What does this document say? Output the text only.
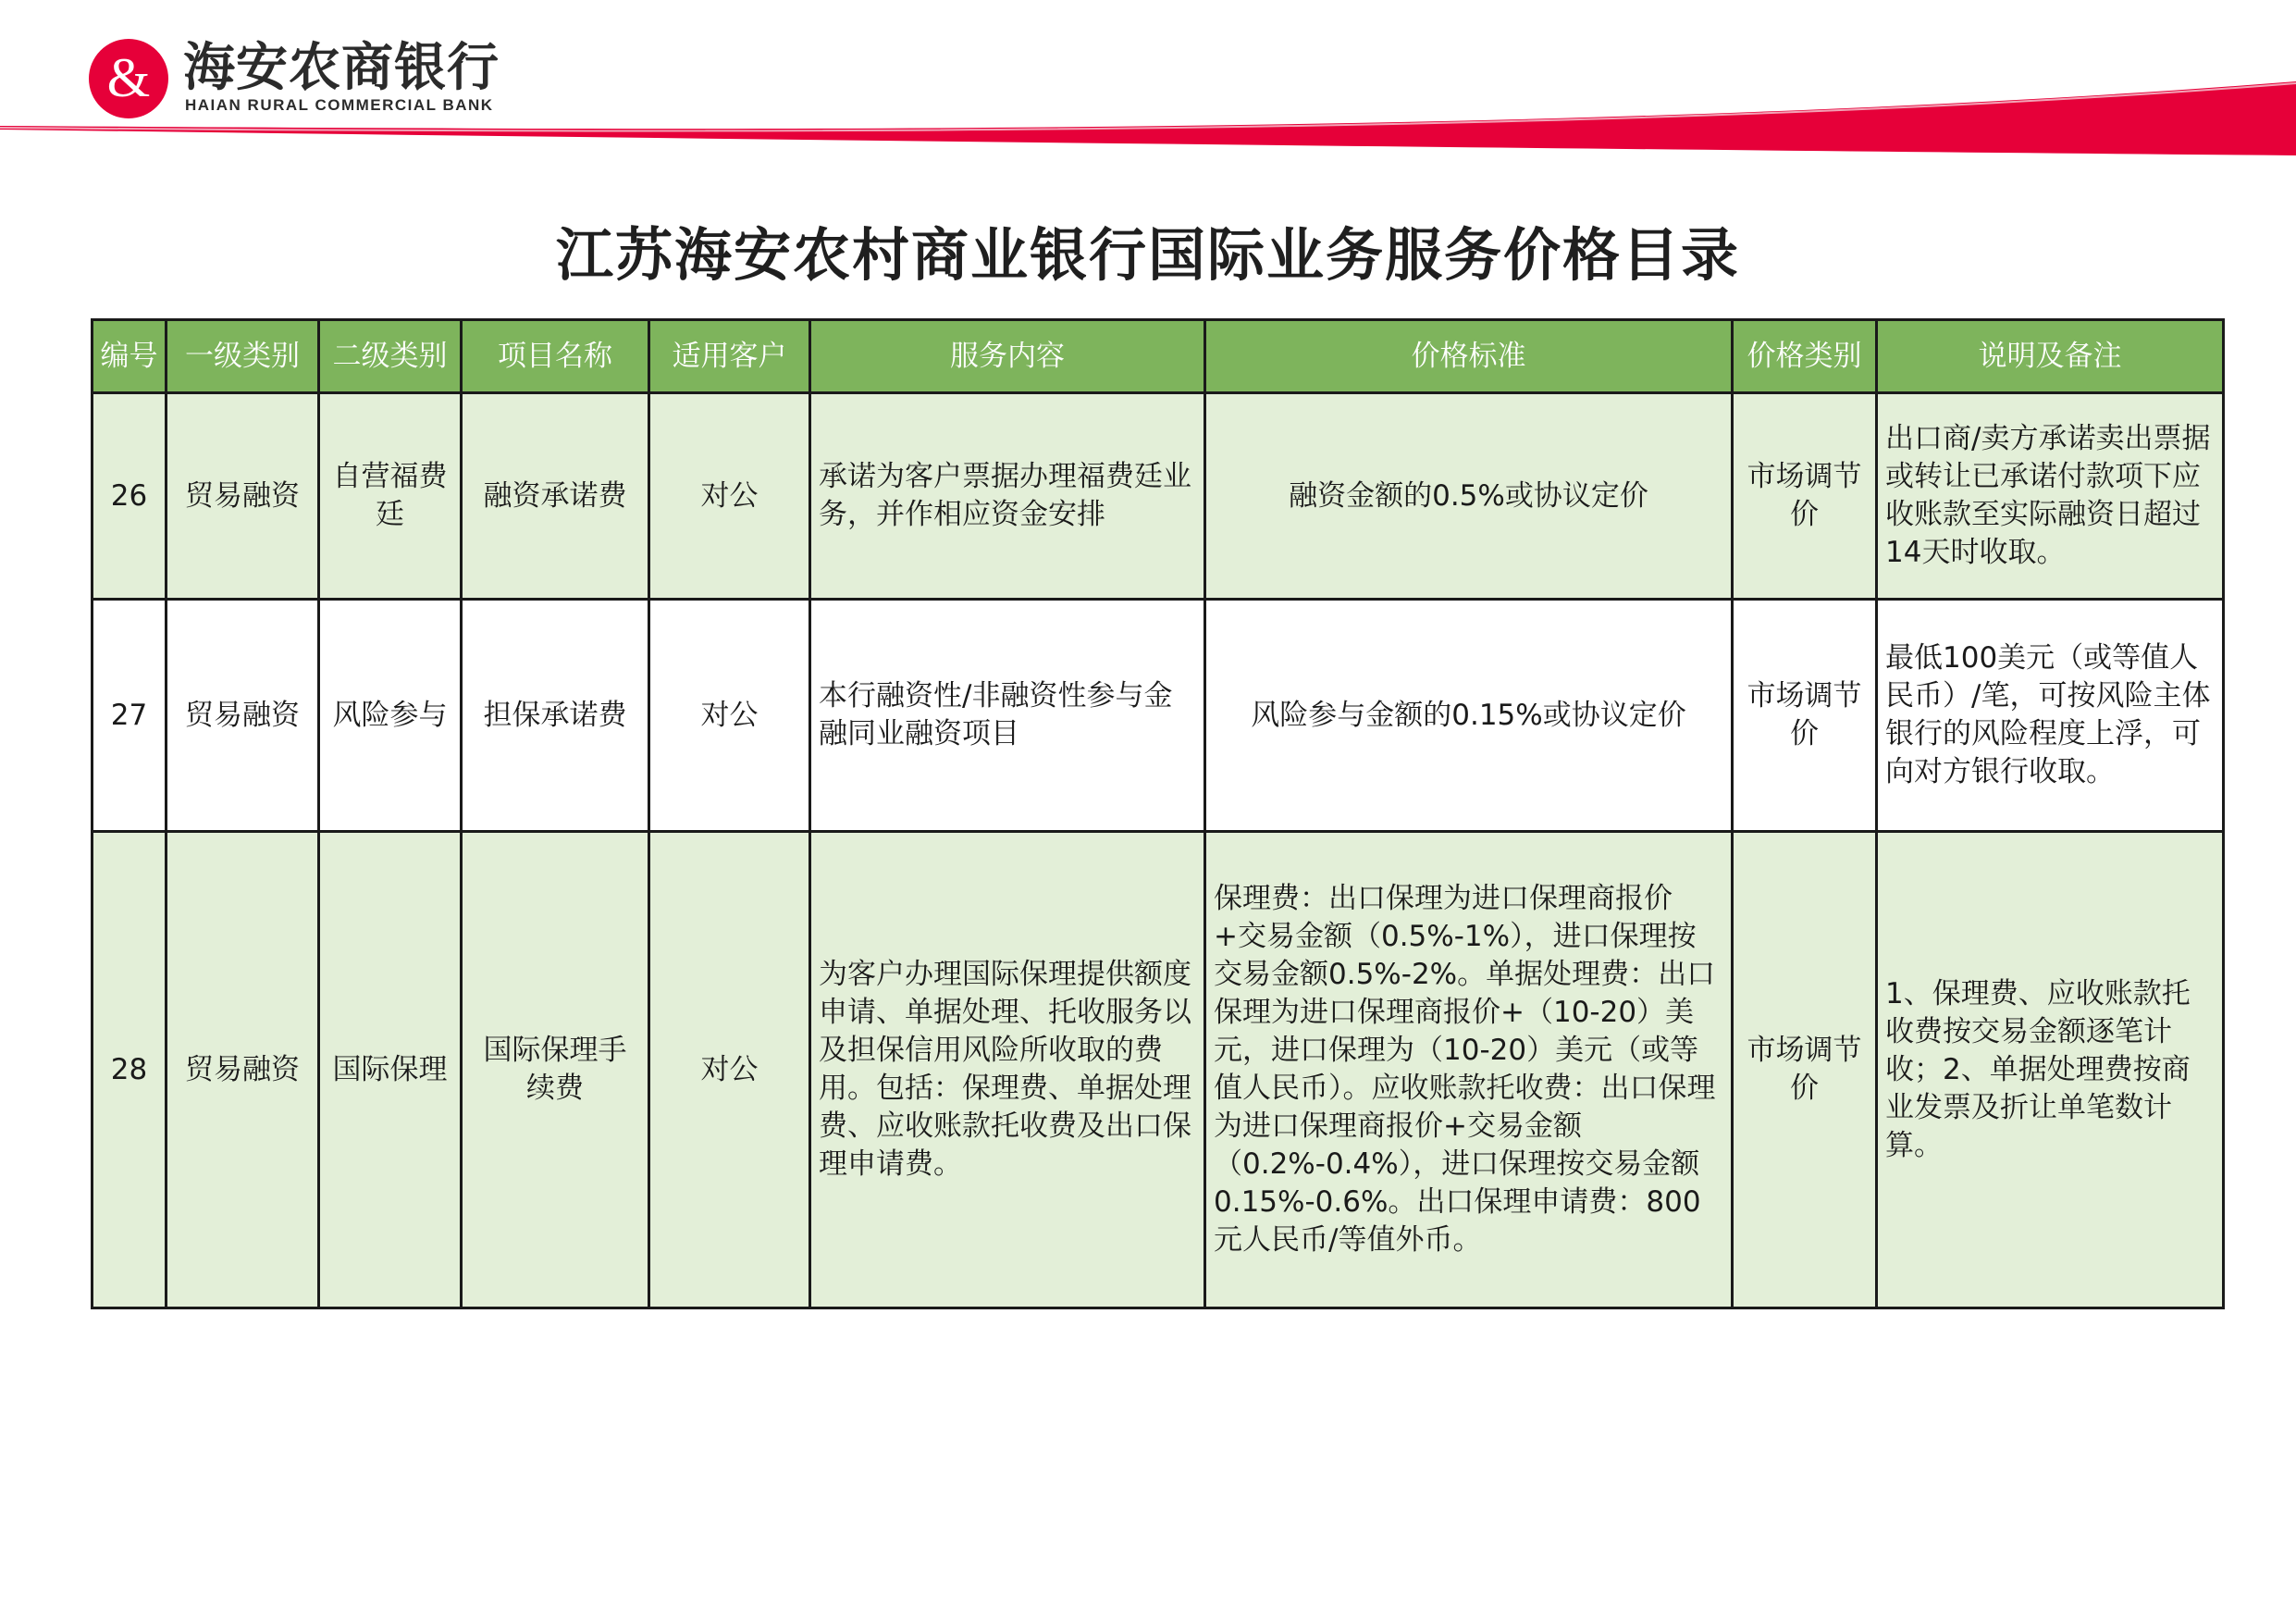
& 海安农商银行
HAIAN RURAL COMMERCIAL BANK
江苏海安农村商业银行国际业务服务价格目录
编号	一级类别	二级类别	项目名称	适用客户	服务内容	价格标准	价格类别	说明及备注
26	贸易融资	自营福费廷	融资承诺费	对公	承诺为客户票据办理福费廷业务，并作相应资金安排	融资金额的0.5%或协议定价	市场调节价	出口商/卖方承诺卖出票据或转让已承诺付款项下应收账款至实际融资日超过14天时收取。
27	贸易融资	风险参与	担保承诺费	对公	本行融资性/非融资性参与金融同业融资项目	风险参与金额的0.15%或协议定价	市场调节价	最低100美元（或等值人民币）/笔，可按风险主体银行的风险程度上浮，可向对方银行收取。
28	贸易融资	国际保理	国际保理手续费	对公	为客户办理国际保理提供额度申请、单据处理、托收服务以及担保信用风险所收取的费用。包括：保理费、单据处理费、应收账款托收费及出口保理申请费。	保理费：出口保理为进口保理商报价+交易金额（0.5%-1%），进口保理按交易金额0.5%-2%。单据处理费：出口保理为进口保理商报价+（10-20）美元，进口保理为（10-20）美元（或等值人民币）。应收账款托收费：出口保理为进口保理商报价+交易金额（0.2%-0.4%），进口保理按交易金额0.15%-0.6%。出口保理申请费：800元人民币/等值外币。	市场调节价	1、保理费、应收账款托收费按交易金额逐笔计收；2、单据处理费按商业发票及折让单笔数计算。
